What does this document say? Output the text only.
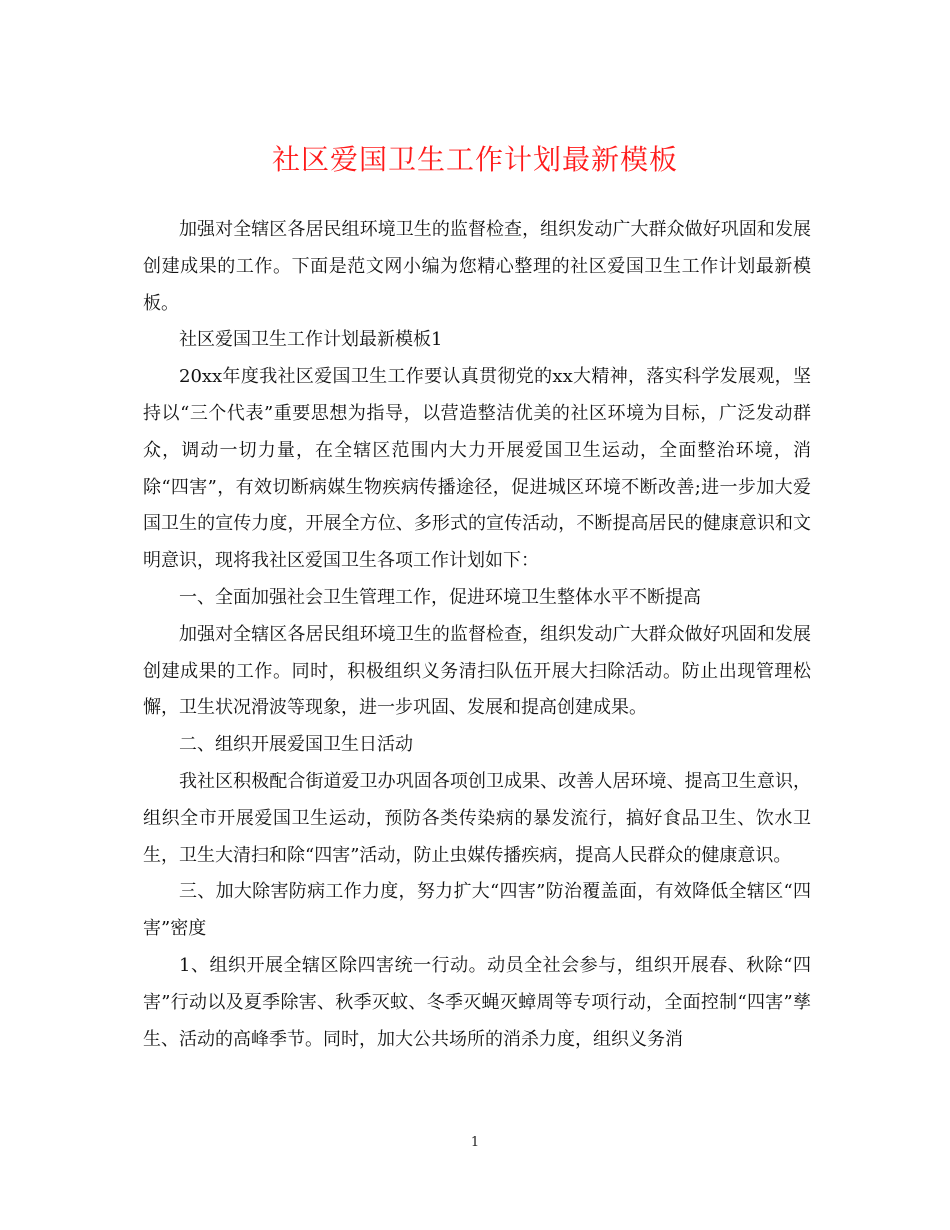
社区爱国卫生工作计划最新模板

加强对全辖区各居民组环境卫生的监督检查，组织发动广大群众做好巩固和发展创建成果的工作。下面是范文网小编为您精心整理的社区爱国卫生工作计划最新模板。

社区爱国卫生工作计划最新模板1

20xx年度我社区爱国卫生工作要认真贯彻党的xx大精神，落实科学发展观，坚持以“三个代表”重要思想为指导，以营造整洁优美的社区环境为目标，广泛发动群众，调动一切力量，在全辖区范围内大力开展爱国卫生运动，全面整治环境，消除“四害”，有效切断病媒生物疾病传播途径，促进城区环境不断改善;进一步加大爱国卫生的宣传力度，开展全方位、多形式的宣传活动，不断提高居民的健康意识和文明意识，现将我社区爱国卫生各项工作计划如下：

一、全面加强社会卫生管理工作，促进环境卫生整体水平不断提高

加强对全辖区各居民组环境卫生的监督检查，组织发动广大群众做好巩固和发展创建成果的工作。同时，积极组织义务清扫队伍开展大扫除活动。防止出现管理松懈，卫生状况滑波等现象，进一步巩固、发展和提高创建成果。

二、组织开展爱国卫生日活动

我社区积极配合街道爱卫办巩固各项创卫成果、改善人居环境、提高卫生意识，组织全市开展爱国卫生运动，预防各类传染病的暴发流行，搞好食品卫生、饮水卫生，卫生大清扫和除“四害”活动，防止虫媒传播疾病，提高人民群众的健康意识。

三、加大除害防病工作力度，努力扩大“四害”防治覆盖面，有效降低全辖区“四害”密度

1、组织开展全辖区除四害统一行动。动员全社会参与，组织开展春、秋除“四害”行动以及夏季除害、秋季灭蚊、冬季灭蝇灭蟑周等专项行动，全面控制“四害”孳生、活动的高峰季节。同时，加大公共场所的消杀力度，组织义务消

1
